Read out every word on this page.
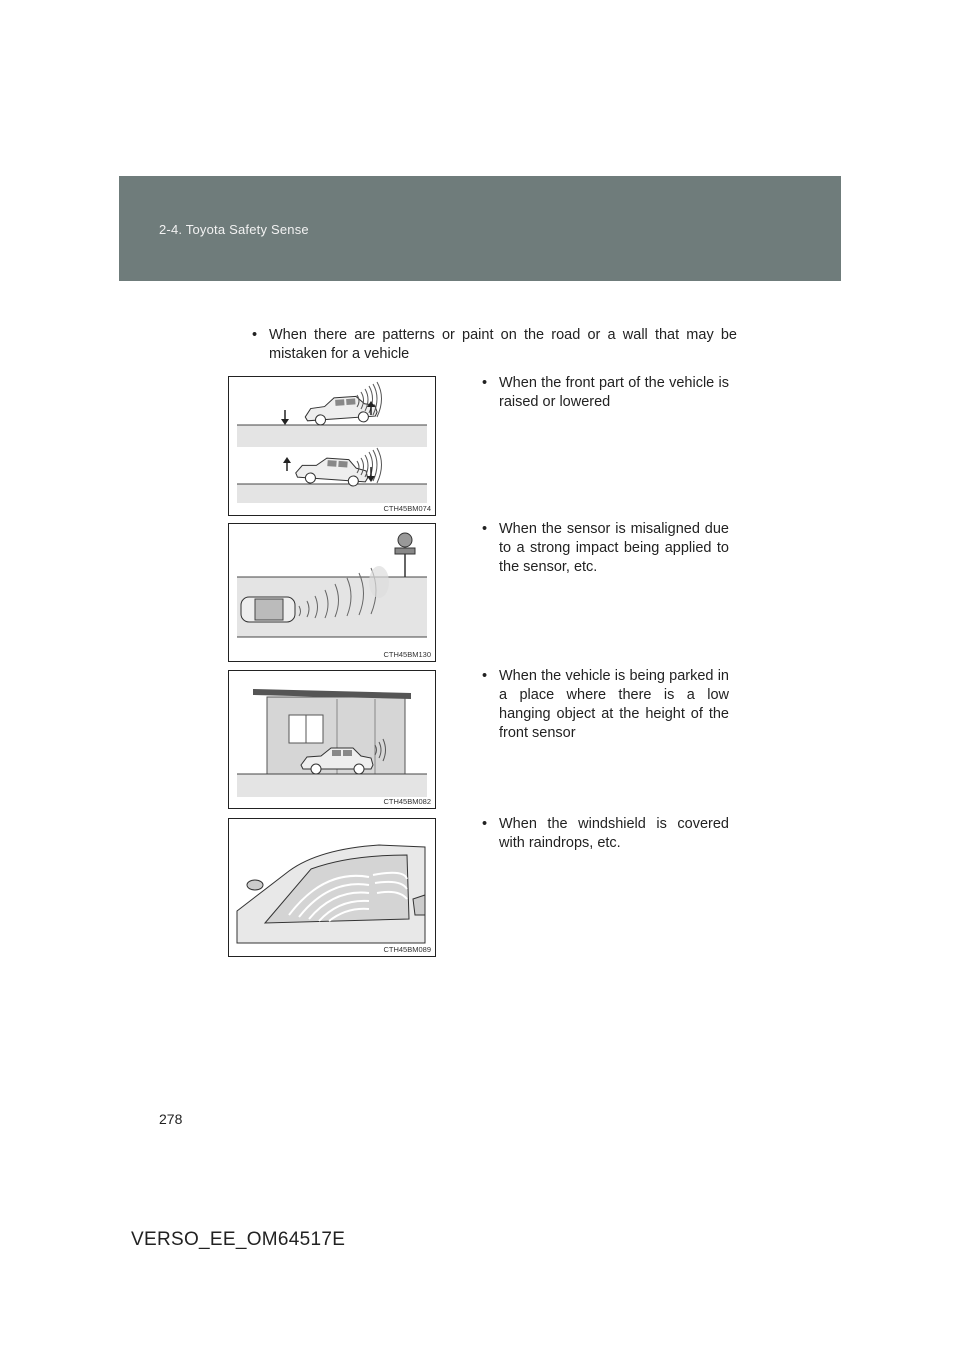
2-4. Toyota Safety Sense
• When there are patterns or paint on the road or a wall that may be mistaken for a vehicle
CTH45BM074
• When the front part of the vehicle is raised or lowered
CTH45BM130
• When the sensor is misaligned due to a strong impact being applied to the sensor, etc.
CTH45BM082
• When the vehicle is being parked in a place where there is a low hanging object at the height of the front sensor
CTH45BM089
• When the windshield is covered with raindrops, etc.
278
VERSO_EE_OM64517E
